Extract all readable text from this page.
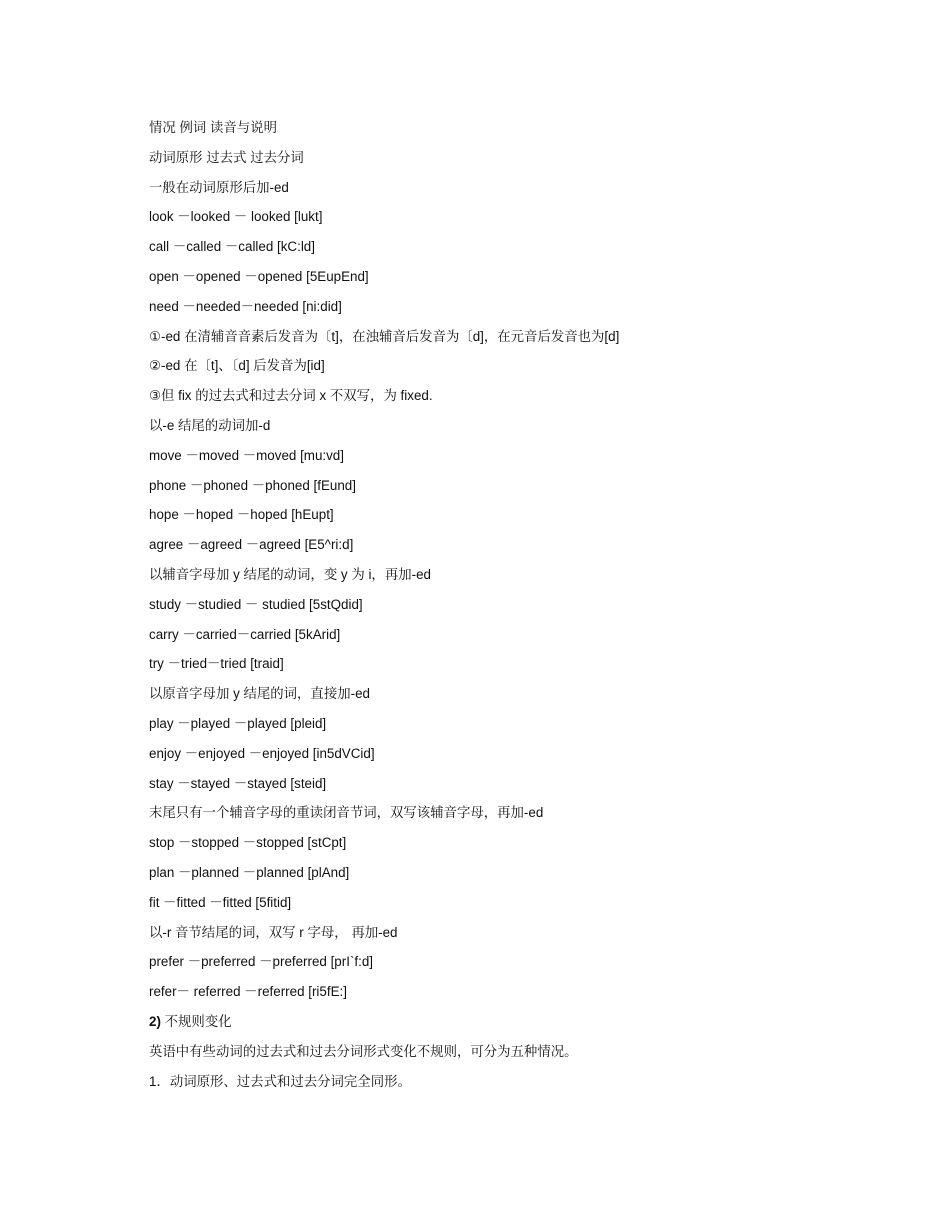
情况 例词 读音与说明
动词原形 过去式 过去分词
一般在动词原形后加-ed
look －looked － looked [lukt]
call －called －called [kC:ld]
open －opened －opened [5EupEnd]
need －needed－needed [ni:did]
①-ed 在清辅音音素后发音为〔t]，在浊辅音后发音为〔d]，在元音后发音也为[d]
②-ed 在〔t]、〔d] 后发音为[id]
③但 fix 的过去式和过去分词 x 不双写，为 fixed.
以-e 结尾的动词加-d
move －moved －moved [mu:vd]
phone －phoned －phoned [fEund]
hope －hoped －hoped [hEupt]
agree －agreed －agreed [E5^ri:d]
以辅音字母加 y 结尾的动词，变 y 为 i，再加-ed
study －studied － studied [5stQdid]
carry －carried－carried [5kArid]
try －tried－tried [traid]
以原音字母加 y 结尾的词，直接加-ed
play －played －played [pleid]
enjoy －enjoyed －enjoyed [in5dVCid]
stay －stayed －stayed [steid]
末尾只有一个辅音字母的重读闭音节词，双写该辅音字母，再加-ed
stop －stopped －stopped [stCpt]
plan －planned －planned [plAnd]
fit －fitted －fitted [5fitid]
以-r 音节结尾的词，双写 r 字母， 再加-ed
prefer －preferred －preferred [prI`f:d]
refer－ referred －referred [ri5fE:]
2) 不规则变化
英语中有些动词的过去式和过去分词形式变化不规则，可分为五种情况。
1．动词原形、过去式和过去分词完全同形。
